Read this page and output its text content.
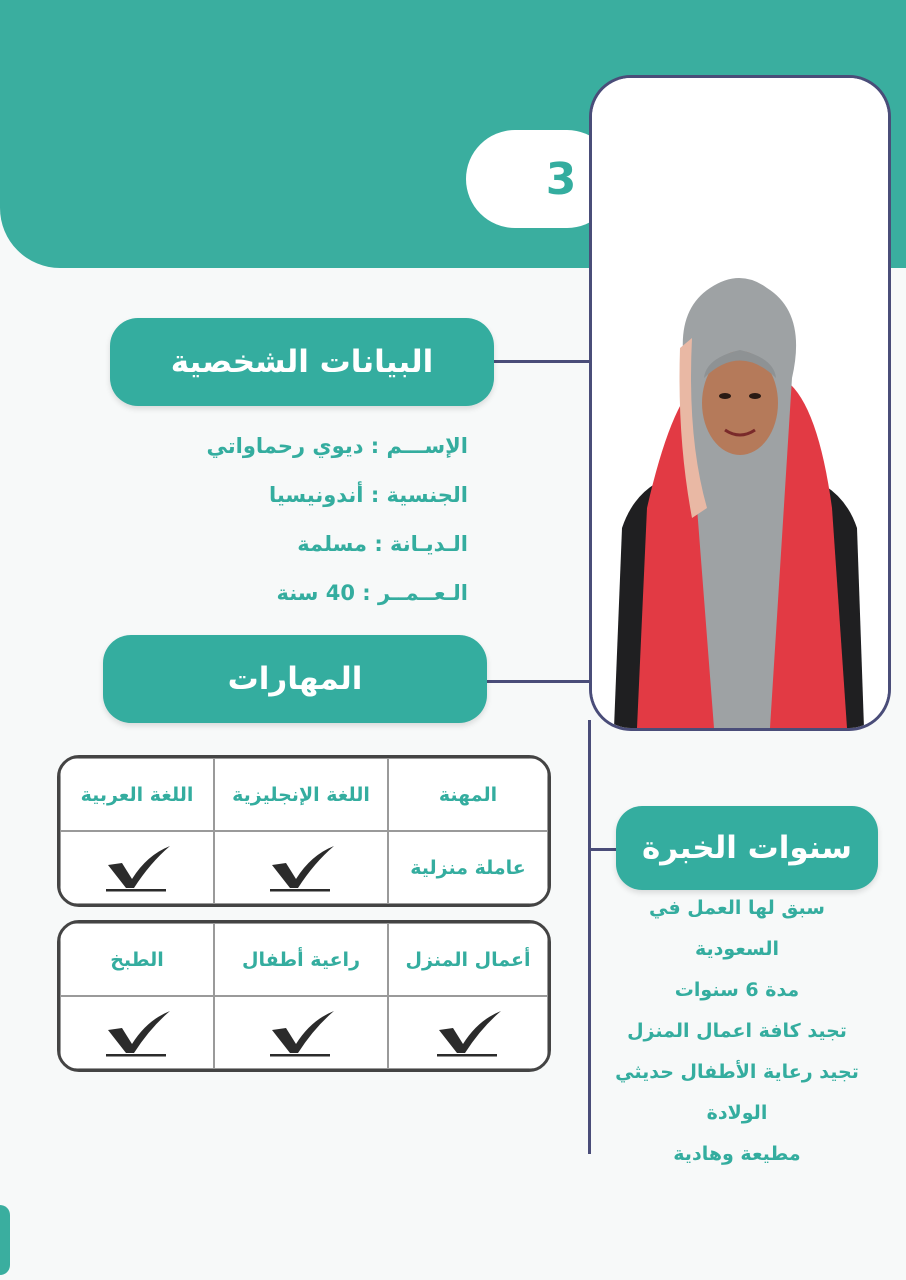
3
البيانات الشخصية
الإســـم : ديوي رحماواتي
الجنسية : أندونيسيا
الـديـانة : مسلمة
الـعــمــر : 40 سنة
المهارات
المهنة
اللغة الإنجليزية
اللغة العربية
عاملة منزلية
أعمال المنزل
راعية أطفال
الطبخ
سنوات الخبرة
سبق لها العمل في
السعودية
مدة 6 سنوات
تجيد كافة اعمال المنزل
تجيد رعاية الأطفال حديثي
الولادة
مطيعة وهادية
